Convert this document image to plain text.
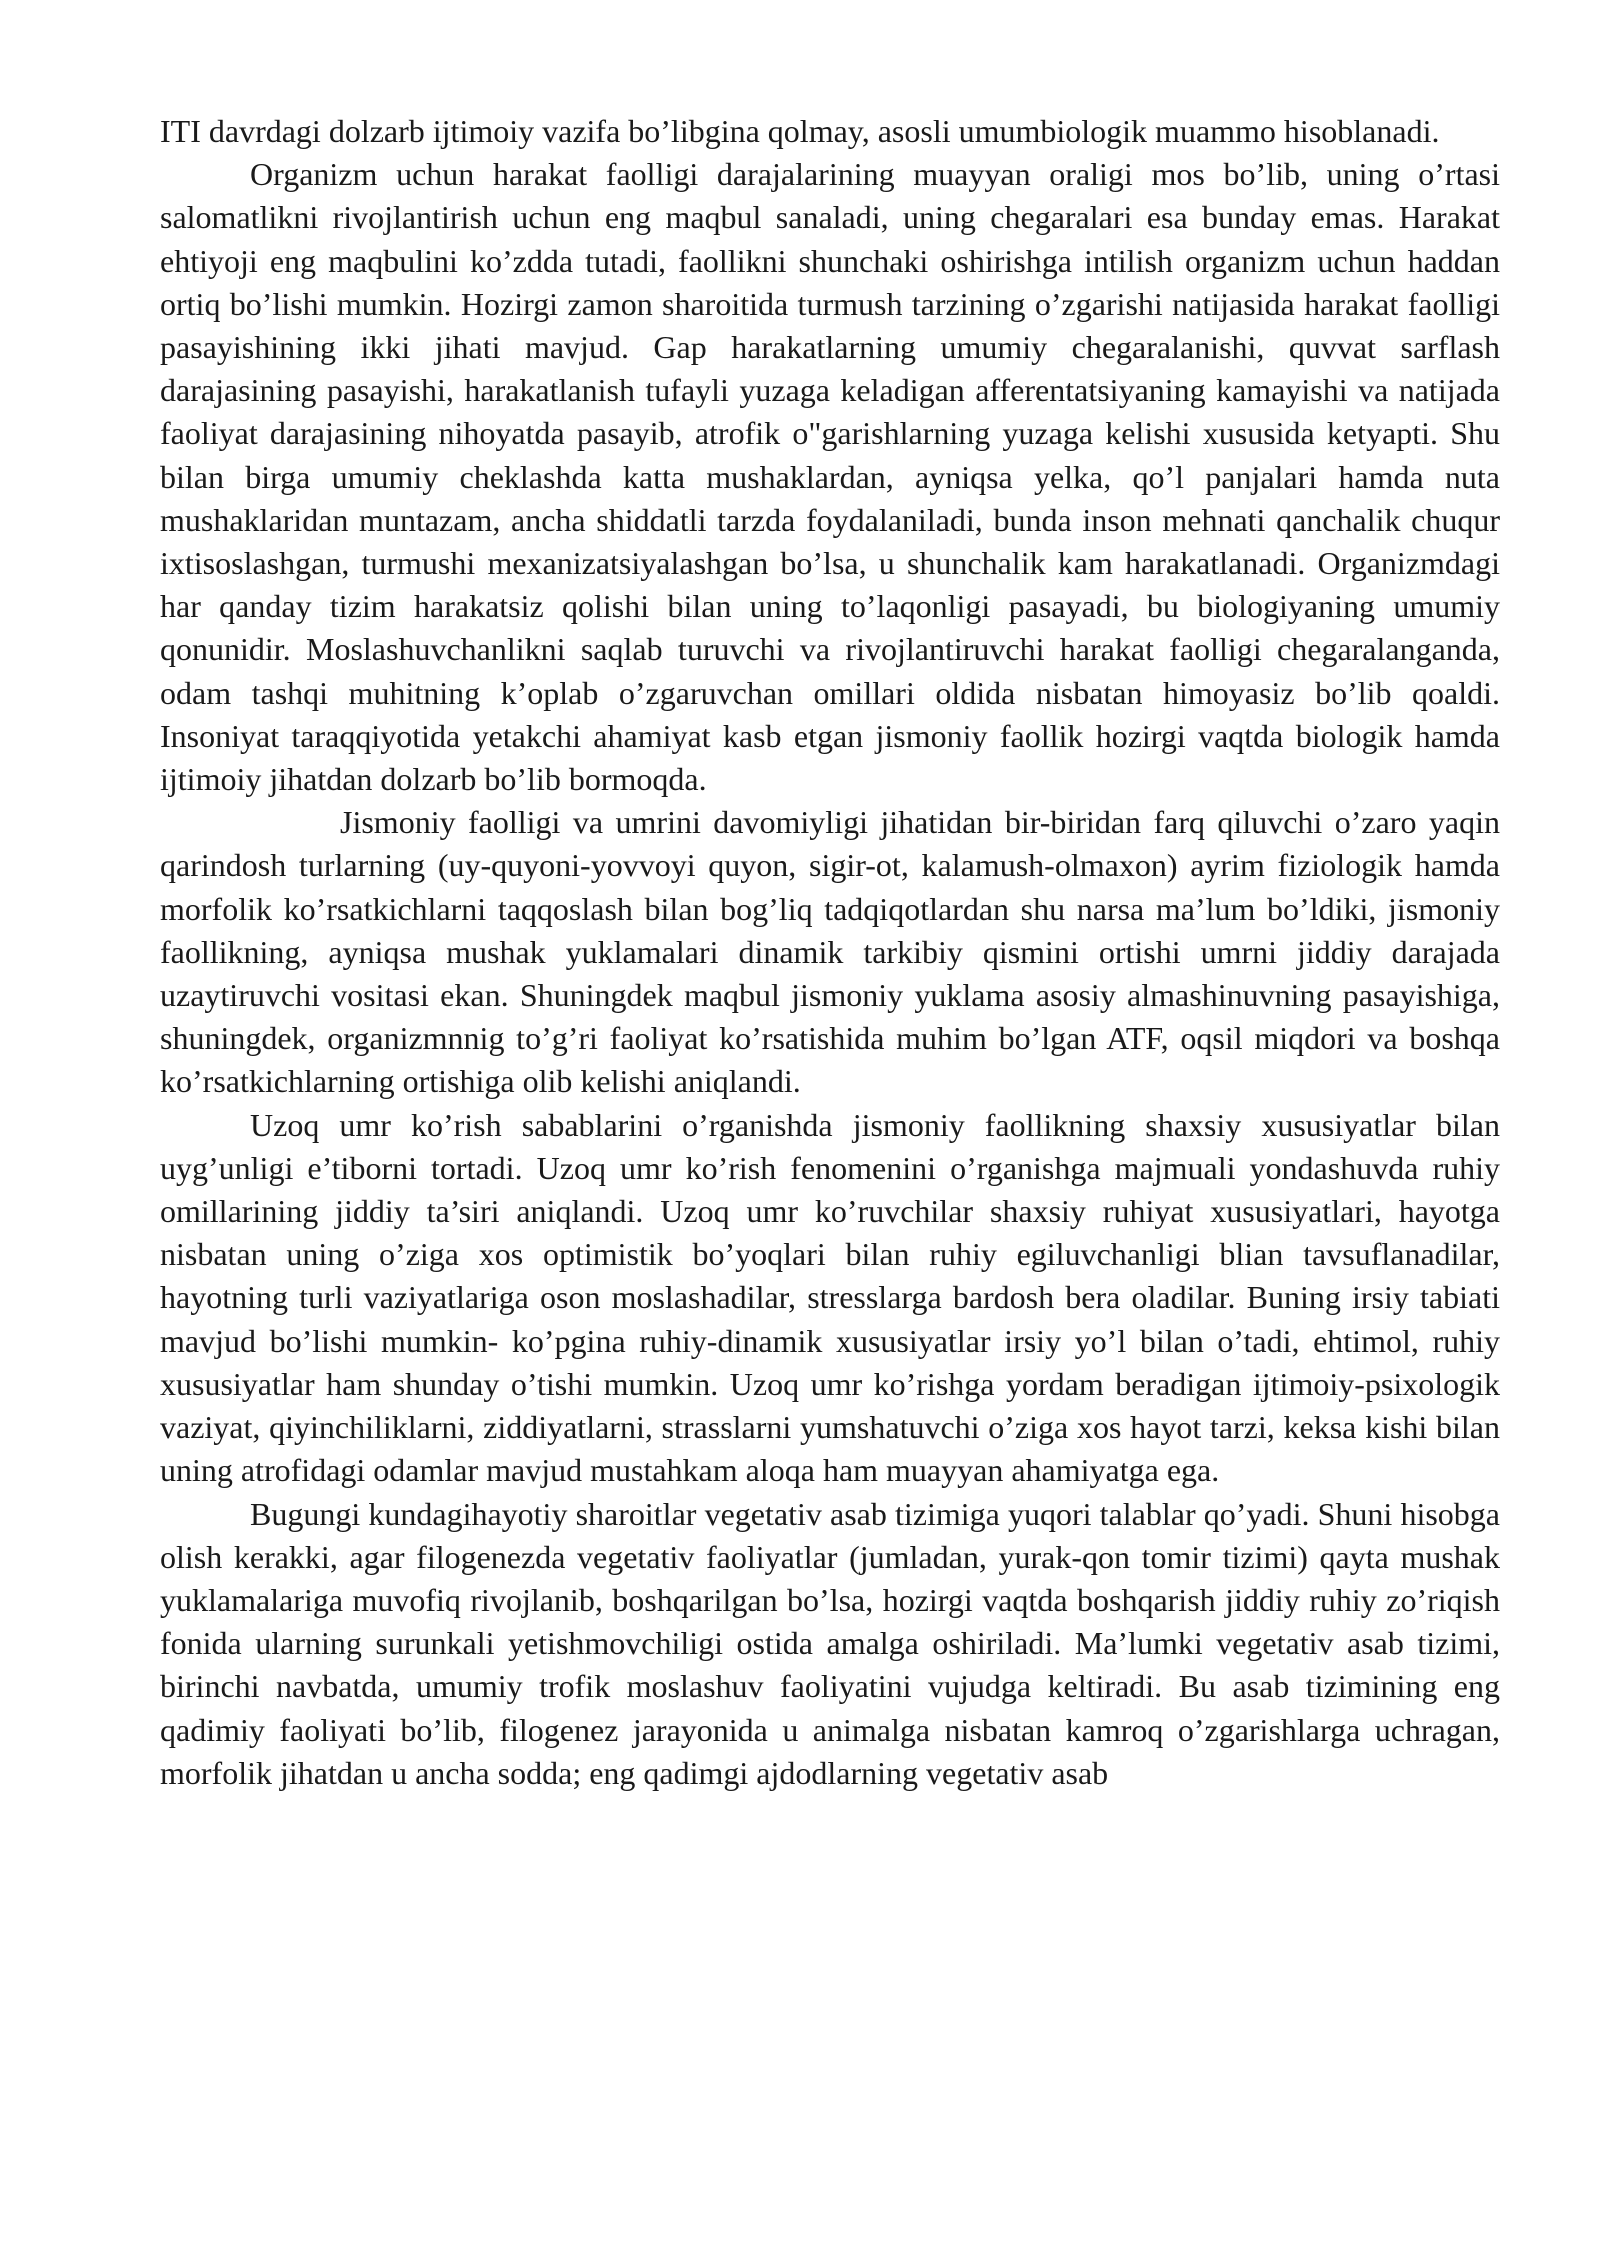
ITI davrdagi dolzarb ijtimoiy vazifa bo’libgina qolmay, asosli umumbiologik muammo hisoblanadi.

Organizm uchun harakat faolligi darajalarining muayyan oraligi mos bo’lib, uning o’rtasi salomatlikni rivojlantirish uchun eng maqbul sanaladi, uning chegaralari esa bunday emas. Harakat ehtiyoji eng maqbulini ko’zdda tutadi, faollikni shunchaki oshirishga intilish organizm uchun haddan ortiq bo’lishi mumkin. Hozirgi zamon sharoitida turmush tarzining o’zgarishi natijasida harakat faolligi pasayishining ikki jihati mavjud. Gap harakatlarning umumiy chegaralanishi, quvvat sarflash darajasining pasayishi, harakatlanish tufayli yuzaga keladigan afferentatsiyaning kamayishi va natijada faoliyat darajasining nihoyatda pasayib, atrofik o"garishlarning yuzaga kelishi xususida ketyapti. Shu bilan birga umumiy cheklashda katta mushaklardan, ayniqsa yelka, qo’l panjalari hamda nuta mushaklaridan muntazam, ancha shiddatli tarzda foydalaniladi, bunda inson mehnati qanchalik chuqur ixtisoslashgan, turmushi mexanizatsiyalashgan bo’lsa, u shunchalik kam harakatlanadi. Organizmdagi har qanday tizim harakatsiz qolishi bilan uning to’laqonligi pasayadi, bu biologiyaning umumiy qonunidir. Moslashuvchanlikni saqlab turuvchi va rivojlantiruvchi harakat faolligi chegaralanganda, odam tashqi muhitning k’oplab o’zgaruvchan omillari oldida nisbatan himoyasiz bo’lib qoaldi. Insoniyat taraqqiyotida yetakchi ahamiyat kasb etgan jismoniy faollik hozirgi vaqtda biologik hamda ijtimoiy jihatdan dolzarb bo’lib bormoqda.

Jismoniy faolligi va umrini davomiyligi jihatidan bir-biridan farq qiluvchi o’zaro yaqin qarindosh turlarning (uy-quyoni-yovvoyi quyon, sigir-ot, kalamush-olmaxon) ayrim fiziologik hamda morfolik ko’rsatkichlarni taqqoslash bilan bog’liq tadqiqotlardan shu narsa ma’lum bo’ldiki, jismoniy faollikning, ayniqsa mushak yuklamalari dinamik tarkibiy qismini ortishi umrni jiddiy darajada uzaytiruvchi vositasi ekan. Shuningdek maqbul jismoniy yuklama asosiy almashinuvning pasayishiga, shuningdek, organizmnnig to’g’ri faoliyat ko’rsatishida muhim bo’lgan ATF, oqsil miqdori va boshqa ko’rsatkichlarning ortishiga olib kelishi aniqlandi.

Uzoq umr ko’rish sabablarini o’rganishda jismoniy faollikning shaxsiy xususiyatlar bilan uyg’unligi e’tiborni tortadi. Uzoq umr ko’rish fenomenini o’rganishga majmuali yondashuvda ruhiy omillarining jiddiy ta’siri aniqlandi. Uzoq umr ko’ruvchilar shaxsiy ruhiyat xususiyatlari, hayotga nisbatan uning o’ziga xos optimistik bo’yoqlari bilan ruhiy egiluvchanligi blian tavsuflanadilar, hayotning turli vaziyatlariga oson moslashadilar, stresslarga bardosh bera oladilar. Buning irsiy tabiati mavjud bo’lishi mumkin- ko’pgina ruhiy-dinamik xususiyatlar irsiy yo’l bilan o’tadi, ehtimol, ruhiy xususiyatlar ham shunday o’tishi mumkin. Uzoq umr ko’rishga yordam beradigan ijtimoiy-psixologik vaziyat, qiyinchiliklarni, ziddiyatlarni, strasslarni yumshatuvchi o’ziga xos hayot tarzi, keksa kishi bilan uning atrofidagi odamlar mavjud mustahkam aloqa ham muayyan ahamiyatga ega.

Bugungi kundagihayotiy sharoitlar vegetativ asab tizimiga yuqori talablar qo’yadi. Shuni hisobga olish kerakki, agar filogenezda vegetativ faoliyatlar (jumladan, yurak-qon tomir tizimi) qayta mushak yuklamalariga muvofiq rivojlanib, boshqarilgan bo’lsa, hozirgi vaqtda boshqarish jiddiy ruhiy zo’riqish fonida ularning surunkali yetishmovchiligi ostida amalga oshiriladi. Ma’lumki vegetativ asab tizimi, birinchi navbatda, umumiy trofik moslashuv faoliyatini vujudga keltiradi. Bu asab tizimining eng qadimiy faoliyati bo’lib, filogenez jarayonida u animalga nisbatan kamroq o’zgarishlarga uchragan, morfolik jihatdan u ancha sodda; eng qadimgi ajdodlarning vegetativ asab
